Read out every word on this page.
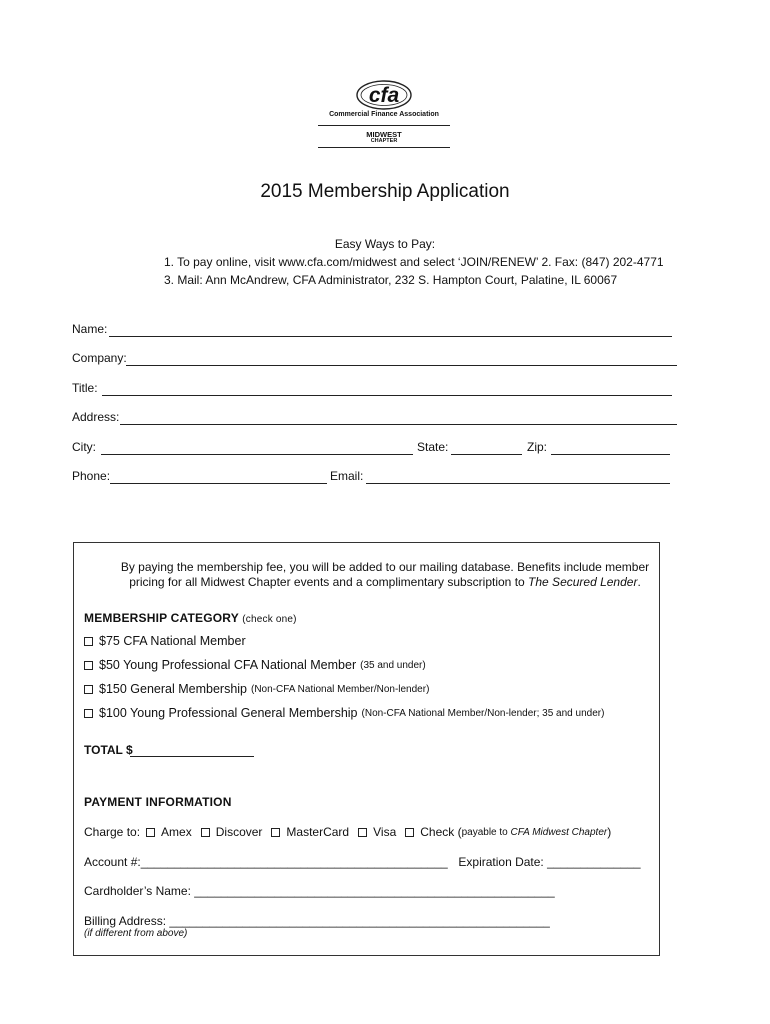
cfa
Commercial Finance Association
MIDWEST
CHAPTER
2015 Membership Application
Easy Ways to Pay:
1. To pay online, visit www.cfa.com/midwest and select ‘JOIN/RENEW’ 2. Fax: (847) 202-4771
3. Mail: Ann McAndrew, CFA Administrator, 232 S. Hampton Court, Palatine, IL 60067
Name:
Company:
Title:
Address:
City:	State:	Zip:
Phone:	Email:
By paying the membership fee, you will be added to our mailing database. Benefits include member
pricing for all Midwest Chapter events and a complimentary subscription to The Secured Lender.
MEMBERSHIP CATEGORY (check one)
$75 CFA National Member
$50 Young Professional CFA National Member (35 and under)
$150 General Membership (Non-CFA National Member/Non-lender)
$100 Young Professional General Membership (Non-CFA National Member/Non-lender; 35 and under)
TOTAL $
PAYMENT INFORMATION
Charge to: Amex Discover MasterCard Visa Check ( payable to CFA Midwest Chapter )
Account #:______________________________________________ Expiration Date: ______________
Cardholder’s Name: ______________________________________________________
Billing Address: _________________________________________________________
(if different from above)
